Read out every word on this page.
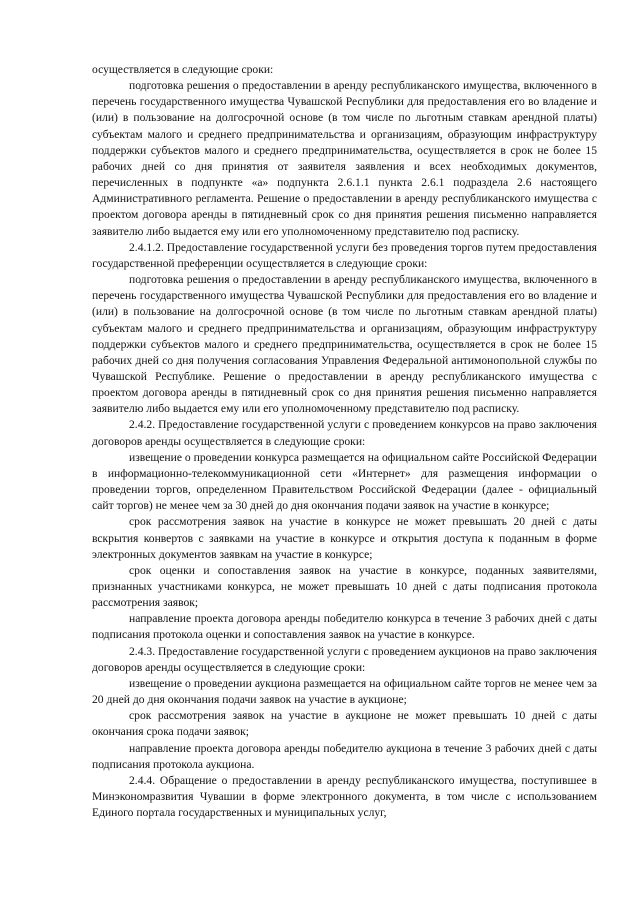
осуществляется в следующие сроки:

подготовка решения о предоставлении в аренду республиканского имущества, включенного в перечень государственного имущества Чувашской Республики для предоставления его во владение и (или) в пользование на долгосрочной основе (в том числе по льготным ставкам арендной платы) субъектам малого и среднего предпринимательства и организациям, образующим инфраструктуру поддержки субъектов малого и среднего предпринимательства, осуществляется в срок не более 15 рабочих дней со дня принятия от заявителя заявления и всех необходимых документов, перечисленных в подпункте «а» подпункта 2.6.1.1 пункта 2.6.1 подраздела 2.6 настоящего Административного регламента. Решение о предоставлении в аренду республиканского имущества с проектом договора аренды в пятидневный срок со дня принятия решения письменно направляется заявителю либо выдается ему или его уполномоченному представителю под расписку.

2.4.1.2. Предоставление государственной услуги без проведения торгов путем предоставления государственной преференции осуществляется в следующие сроки:

подготовка решения о предоставлении в аренду республиканского имущества, включенного в перечень государственного имущества Чувашской Республики для предоставления его во владение и (или) в пользование на долгосрочной основе (в том числе по льготным ставкам арендной платы) субъектам малого и среднего предпринимательства и организациям, образующим инфраструктуру поддержки субъектов малого и среднего предпринимательства, осуществляется в срок не более 15 рабочих дней со дня получения согласования Управления Федеральной антимонопольной службы по Чувашской Республике. Решение о предоставлении в аренду республиканского имущества с проектом договора аренды в пятидневный срок со дня принятия решения письменно направляется заявителю либо выдается ему или его уполномоченному представителю под расписку.

2.4.2. Предоставление государственной услуги с проведением конкурсов на право заключения договоров аренды осуществляется в следующие сроки:

извещение о проведении конкурса размещается на официальном сайте Российской Федерации в информационно-телекоммуникационной сети «Интернет» для размещения информации о проведении торгов, определенном Правительством Российской Федерации (далее - официальный сайт торгов) не менее чем за 30 дней до дня окончания подачи заявок на участие в конкурсе;

срок рассмотрения заявок на участие в конкурсе не может превышать 20 дней с даты вскрытия конвертов с заявками на участие в конкурсе и открытия доступа к поданным в форме электронных документов заявкам на участие в конкурсе;

срок оценки и сопоставления заявок на участие в конкурсе, поданных заявителями, признанных участниками конкурса, не может превышать 10 дней с даты подписания протокола рассмотрения заявок;

направление проекта договора аренды победителю конкурса в течение 3 рабочих дней с даты подписания протокола оценки и сопоставления заявок на участие в конкурсе.

2.4.3. Предоставление государственной услуги с проведением аукционов на право заключения договоров аренды осуществляется в следующие сроки:

извещение о проведении аукциона размещается на официальном сайте торгов не менее чем за 20 дней до дня окончания подачи заявок на участие в аукционе;

срок рассмотрения заявок на участие в аукционе не может превышать 10 дней с даты окончания срока подачи заявок;

направление проекта договора аренды победителю аукциона в течение 3 рабочих дней с даты подписания протокола аукциона.

2.4.4. Обращение о предоставлении в аренду республиканского имущества, поступившее в Минэкономразвития Чувашии в форме электронного документа, в том числе с использованием Единого портала государственных и муниципальных услуг,
